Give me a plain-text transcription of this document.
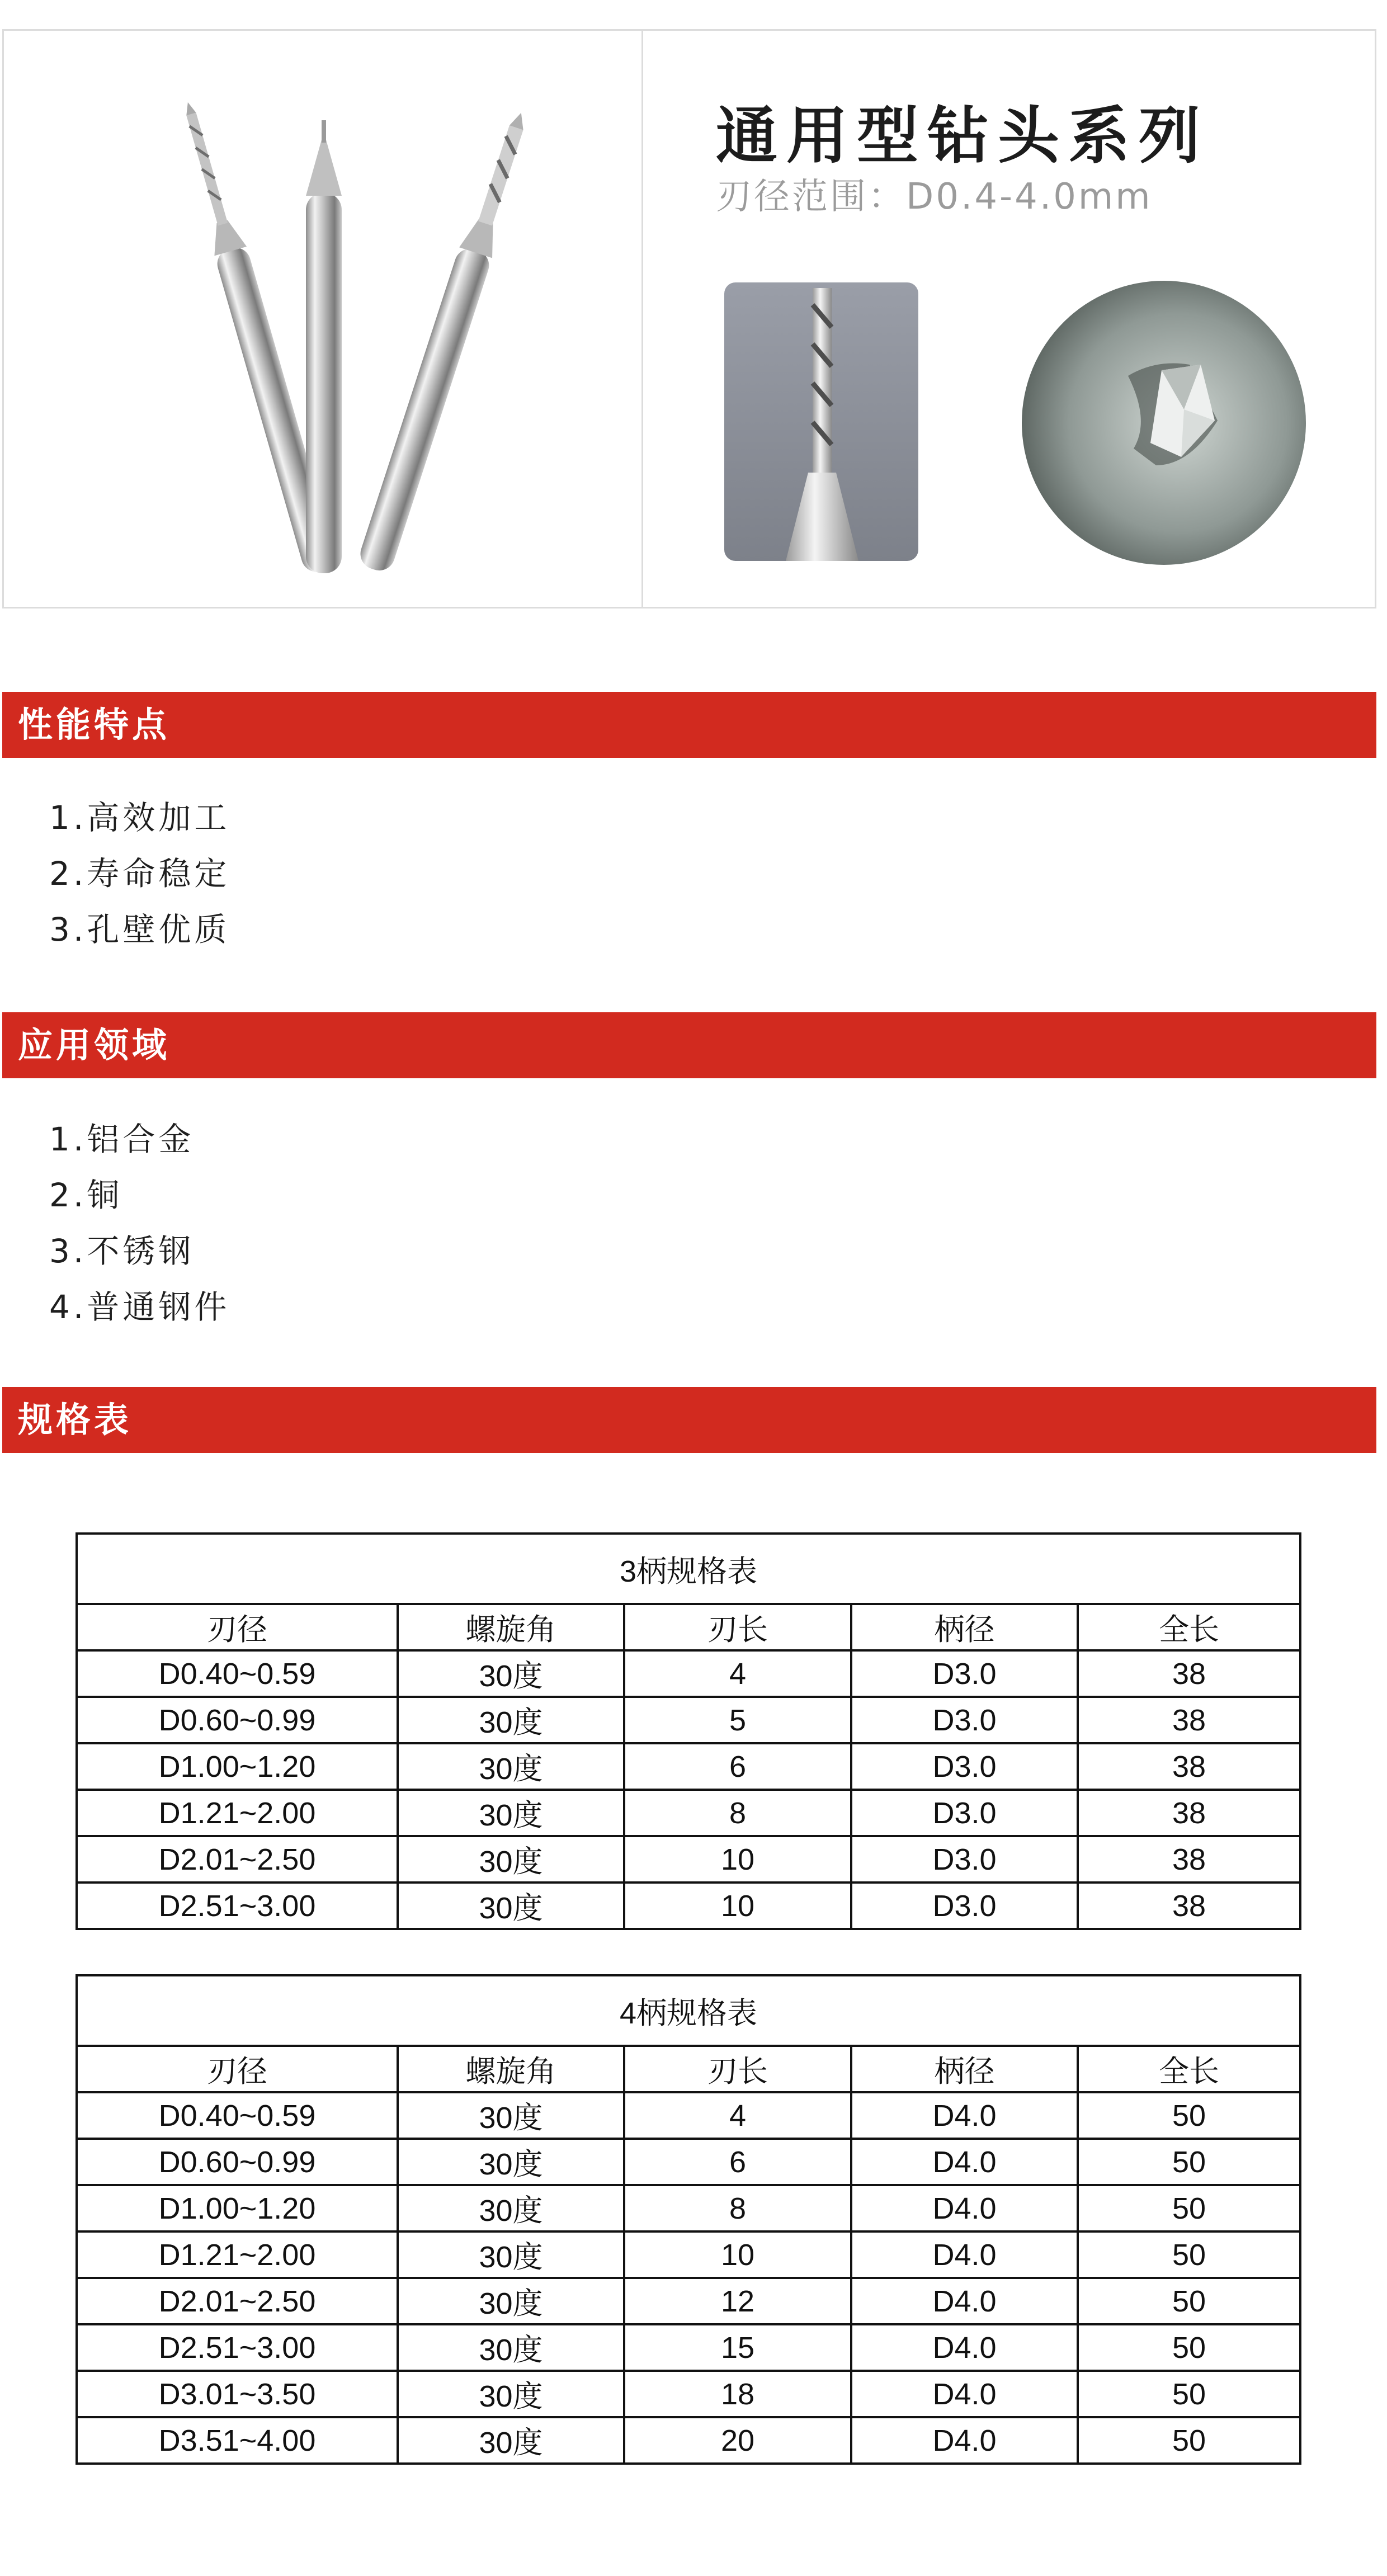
通用型钻头系列
刃径范围：D0.4-4.0mm
性能特点
1.高效加工
2.寿命稳定
3.孔壁优质
应用领域
1.铝合金
2.铜
3.不锈钢
4.普通钢件
规格表
3柄规格表				
刃径	螺旋角	刃长	柄径	全长
D0.40~0.59	30度	4	D3.0	38
D0.60~0.99	30度	5	D3.0	38
D1.00~1.20	30度	6	D3.0	38
D1.21~2.00	30度	8	D3.0	38
D2.01~2.50	30度	10	D3.0	38
D2.51~3.00	30度	10	D3.0	38
4柄规格表				
刃径	螺旋角	刃长	柄径	全长
D0.40~0.59	30度	4	D4.0	50
D0.60~0.99	30度	6	D4.0	50
D1.00~1.20	30度	8	D4.0	50
D1.21~2.00	30度	10	D4.0	50
D2.01~2.50	30度	12	D4.0	50
D2.51~3.00	30度	15	D4.0	50
D3.01~3.50	30度	18	D4.0	50
D3.51~4.00	30度	20	D4.0	50
